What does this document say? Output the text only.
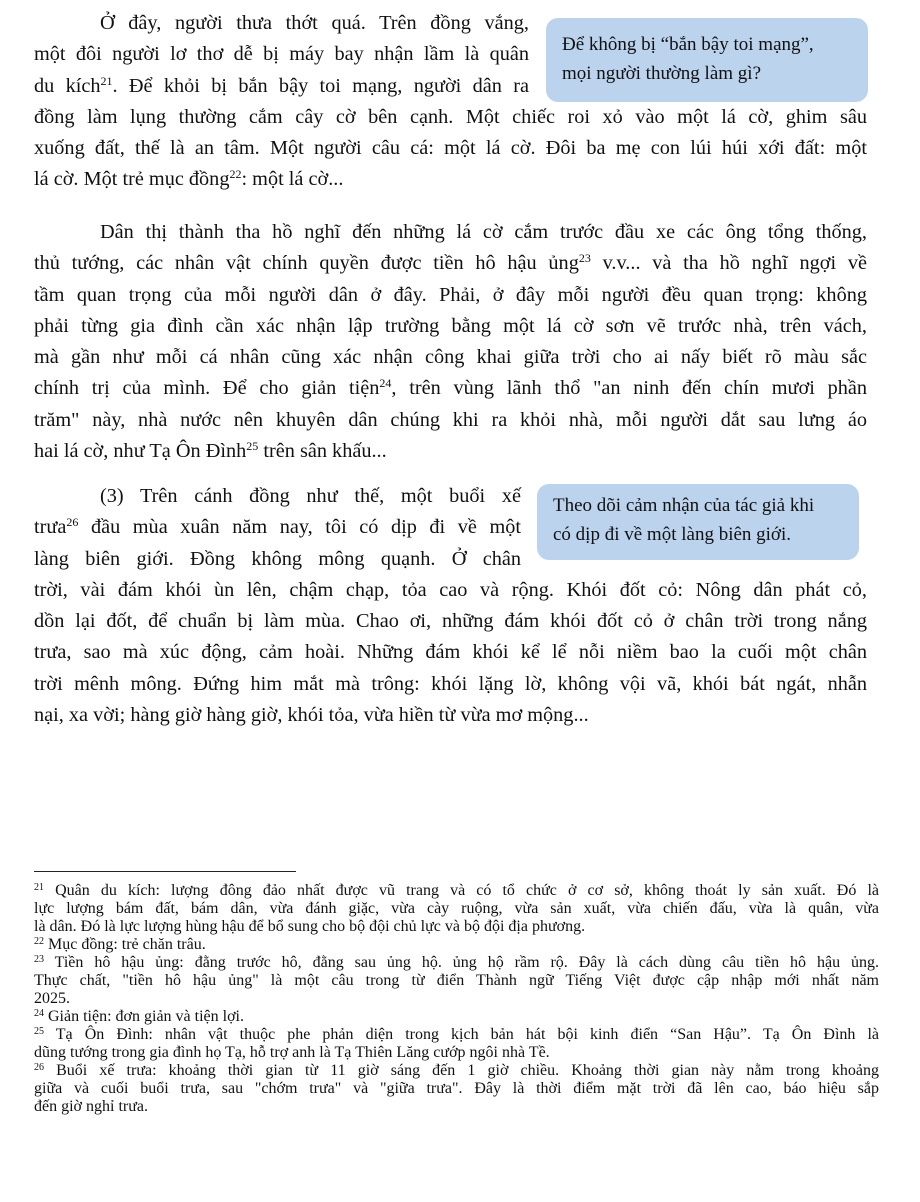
Ở đây, người thưa thớt quá. Trên đồng vắng,
một đôi người lơ thơ dễ bị máy bay nhận lầm là quân
du kích$^{21}$. Để khỏi bị bắn bậy toi mạng, người dân ra
đồng làm lụng thường cắm cây cờ bên cạnh. Một chiếc roi xỏ vào một lá cờ, ghim sâu
xuống đất, thế là an tâm. Một người câu cá: một lá cờ. Đôi ba mẹ con lúi húi xới đất: một
lá cờ. Một trẻ mục đồng$^{22}$: một lá cờ...
Dân thị thành tha hồ nghĩ đến những lá cờ cắm trước đầu xe các ông tổng thống,
thủ tướng, các nhân vật chính quyền được tiền hô hậu ủng$^{23}$ v.v... và tha hồ nghĩ ngợi về
tầm quan trọng của mỗi người dân ở đây. Phải, ở đây mỗi người đều quan trọng: không
phải từng gia đình cần xác nhận lập trường bằng một lá cờ sơn vẽ trước nhà, trên vách,
mà gần như mỗi cá nhân cũng xác nhận công khai giữa trời cho ai nấy biết rõ màu sắc
chính trị của mình. Để cho giản tiện$^{24}$, trên vùng lãnh thổ "an ninh đến chín mươi phần
trăm" này, nhà nước nên khuyên dân chúng khi ra khỏi nhà, mỗi người dắt sau lưng áo
hai lá cờ, như Tạ Ôn Đình$^{25}$ trên sân khấu...
(3) Trên cánh đồng như thế, một buổi xế
trưa$^{26}$ đầu mùa xuân năm nay, tôi có dịp đi về một
làng biên giới. Đồng không mông quạnh. Ở chân
trời, vài đám khói ùn lên, chậm chạp, tỏa cao và rộng. Khói đốt cỏ: Nông dân phát cỏ,
dồn lại đốt, để chuẩn bị làm mùa. Chao ơi, những đám khói đốt cỏ ở chân trời trong nắng
trưa, sao mà xúc động, cảm hoài. Những đám khói kể lể nỗi niềm bao la cuối một chân
trời mênh mông. Đứng him mắt mà trông: khói lặng lờ, không vội vã, khói bát ngát, nhẫn
nại, xa vời; hàng giờ hàng giờ, khói tỏa, vừa hiền từ vừa mơ mộng...
Để không bị “bắn bậy toi mạng”,
mọi người thường làm gì?
Theo dõi cảm nhận của tác giả khi
có dịp đi về một làng biên giới.
$^{21}$ Quân du kích: lượng đông đảo nhất được vũ trang và có tổ chức ở cơ sở, không thoát ly sản xuất. Đó là
lực lượng bám đất, bám dân, vừa đánh giặc, vừa cày ruộng, vừa sản xuất, vừa chiến đấu, vừa là quân, vừa
là dân. Đó là lực lượng hùng hậu để bổ sung cho bộ đội chủ lực và bộ đội địa phương.
$^{22}$ Mục đồng: trẻ chăn trâu.
$^{23}$ Tiền hô hậu ủng: đằng trước hô, đằng sau ủng hộ. ủng hộ rầm rộ. Đây là cách dùng câu tiền hô hậu ủng.
Thực chất, "tiền hô hậu ủng" là một câu trong từ điển Thành ngữ Tiếng Việt được cập nhập mới nhất năm
2025.
$^{24}$ Giản tiện: đơn giản và tiện lợi.
$^{25}$ Tạ Ôn Đình: nhân vật thuộc phe phản diện trong kịch bản hát bội kinh điển “San Hậu”. Tạ Ôn Đình là
dũng tướng trong gia đình họ Tạ, hỗ trợ anh là Tạ Thiên Lăng cướp ngôi nhà Tề.
$^{26}$ Buổi xế trưa: khoảng thời gian từ 11 giờ sáng đến 1 giờ chiều. Khoảng thời gian này nằm trong khoảng
giữa và cuối buổi trưa, sau "chớm trưa" và "giữa trưa". Đây là thời điểm mặt trời đã lên cao, báo hiệu sắp
đến giờ nghỉ trưa.
